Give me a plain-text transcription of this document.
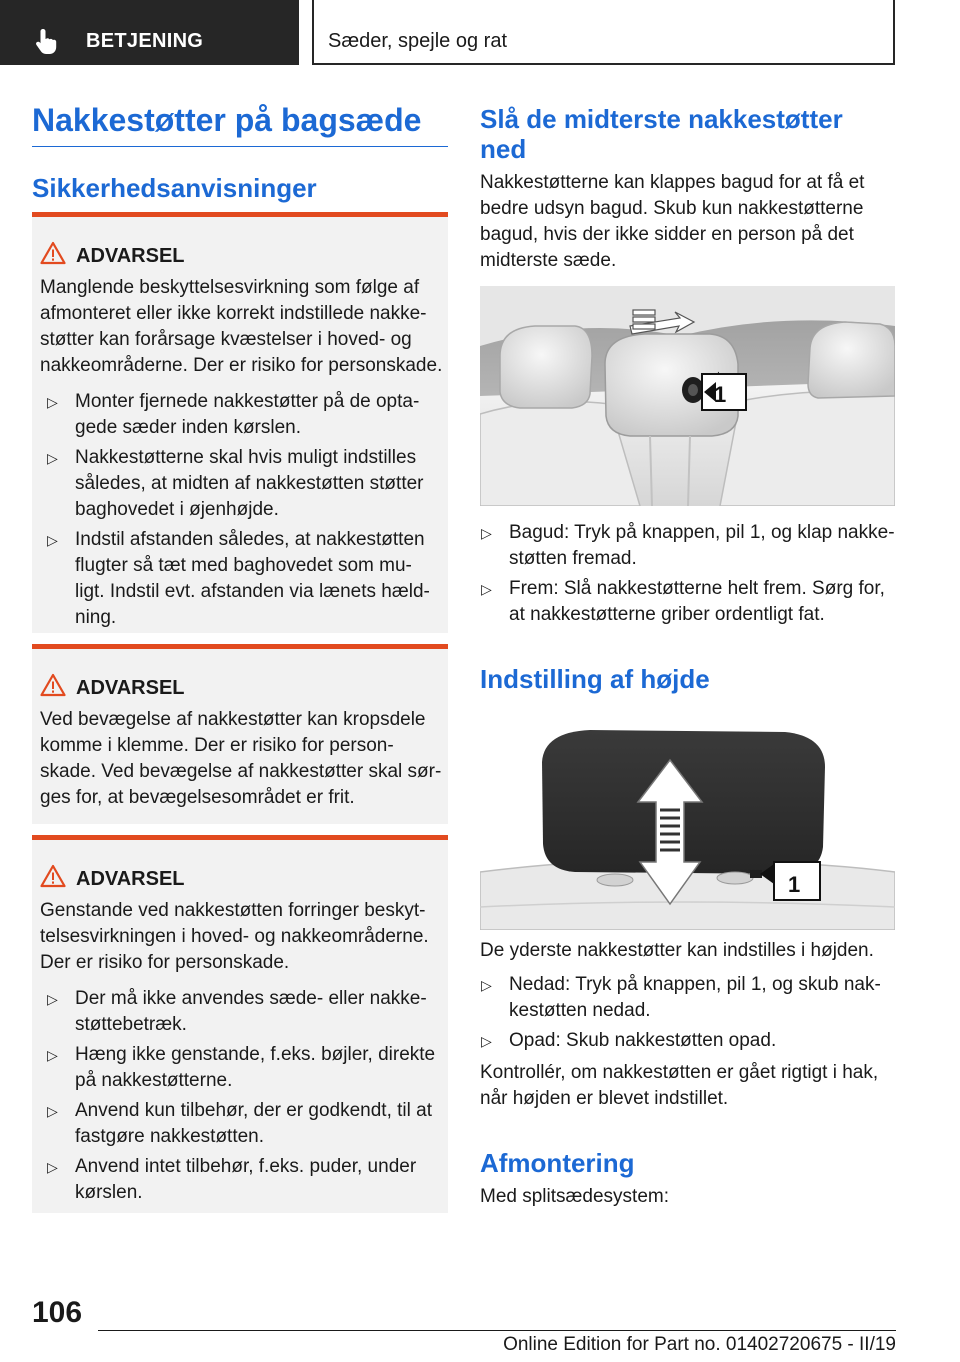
BETJENING	Sæder, spejle og rat
Nakkestøtter på bagsæde
Sikkerhedsanvisninger
ADVARSEL
Manglende beskyttelsesvirkning som følge af
afmonteret eller ikke korrekt indstillede nakke-
støtter kan forårsage kvæstelser i hoved- og
nakkeområderne. Der er risiko for personskade.
▷ Monter fjernede nakkestøtter på de opta-
gede sæder inden kørslen.
▷ Nakkestøtterne skal hvis muligt indstilles
således, at midten af nakkestøtten støtter
baghovedet i øjenhøjde.
▷ Indstil afstanden således, at nakkestøtten
flugter så tæt med baghovedet som mu-
ligt. Indstil evt. afstanden via lænets hæld-
ning.
ADVARSEL
Ved bevægelse af nakkestøtter kan kropsdele
komme i klemme. Der er risiko for person-
skade. Ved bevægelse af nakkestøtter skal sør-
ges for, at bevægelsesområdet er frit.
ADVARSEL
Genstande ved nakkestøtten forringer beskyt-
telsesvirkningen i hoved- og nakkeområderne.
Der er risiko for personskade.
▷ Der må ikke anvendes sæde- eller nakke-
støttebetræk.
▷ Hæng ikke genstande, f.eks. bøjler, direkte
på nakkestøtterne.
▷ Anvend kun tilbehør, der er godkendt, til at
fastgøre nakkestøtten.
▷ Anvend intet tilbehør, f.eks. puder, under
kørslen.
Slå de midterste nakkestøtter
ned
Nakkestøtterne kan klappes bagud for at få et
bedre udsyn bagud. Skub kun nakkestøtterne
bagud, hvis der ikke sidder en person på det
midterste sæde.
1
▷ Bagud: Tryk på knappen, pil 1, og klap nakke-
støtten fremad.
▷ Frem: Slå nakkestøtterne helt frem. Sørg for,
at nakkestøtterne griber ordentligt fat.
Indstilling af højde
1
De yderste nakkestøtter kan indstilles i højden.
▷ Nedad: Tryk på knappen, pil 1, og skub nak-
kestøtten nedad.
▷ Opad: Skub nakkestøtten opad.
Kontrollér, om nakkestøtten er gået rigtigt i hak,
når højden er blevet indstillet.
Afmontering
Med splitsædesystem:
106
Online Edition for Part no. 01402720675 - II/19
